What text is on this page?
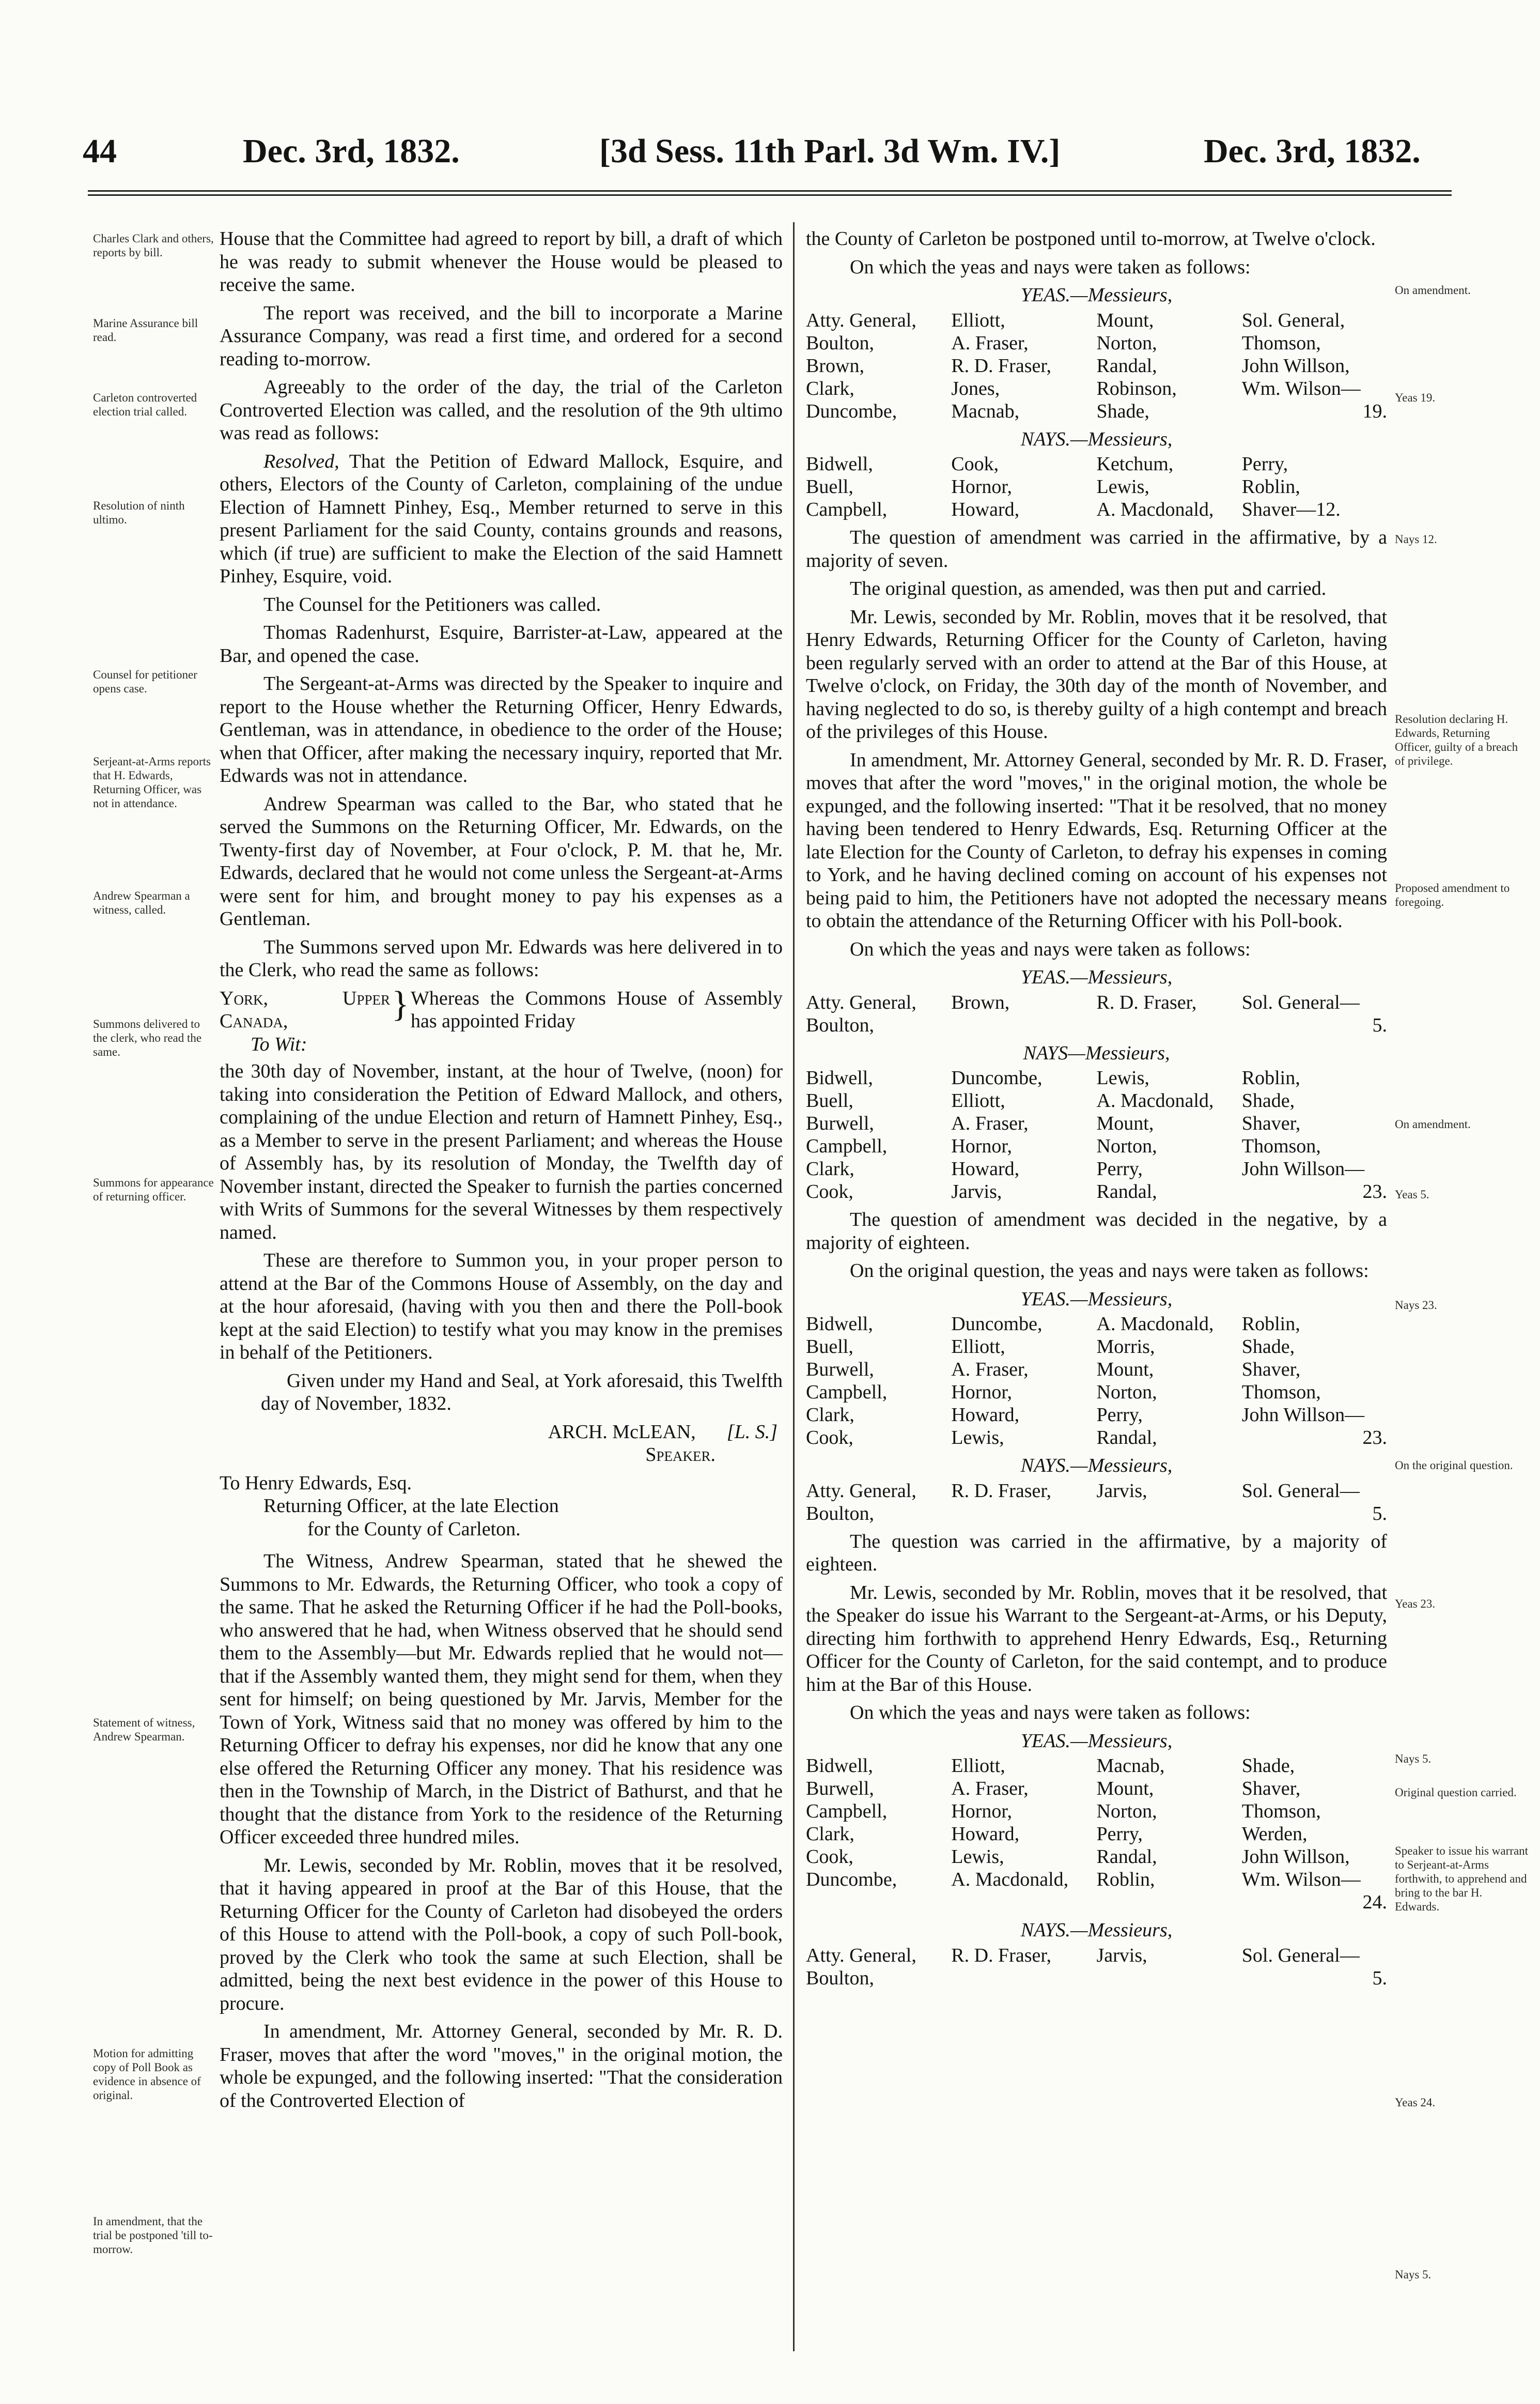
44	Dec. 3rd, 1832.	[3d Sess. 11th Parl. 3d Wm. IV.]	Dec. 3rd, 1832.
Charles Clark and others, reports by bill.
Marine Assurance bill read.
Carleton controverted election trial called.
Resolution of ninth ultimo.
Counsel for petitioner opens case.
Serjeant-at-Arms reports that H. Edwards, Returning Officer, was not in attendance.
Andrew Spearman a witness, called.
Summons delivered to the clerk, who read the same.
Summons for appearance of returning officer.
Statement of witness, Andrew Spearman.
Motion for admitting copy of Poll Book as evidence in absence of original.
In amendment, that the trial be postponed 'till to-morrow.
On amendment.
Yeas 19.
Nays 12.
Resolution declaring H. Edwards, Returning Officer, guilty of a breach of privilege.
Proposed amendment to foregoing.
On amendment.
Yeas 5.
Nays 23.
On the original question.
Yeas 23.
Nays 5.
Original question carried.
Speaker to issue his warrant to Serjeant-at-Arms forthwith, to apprehend and bring to the bar H. Edwards.
Yeas 24.
Nays 5.

House that the Committee had agreed to report by bill, a draft of which he was ready to submit whenever the House would be pleased to receive the same.

The report was received, and the bill to incorporate a Marine Assurance Company, was read a first time, and ordered for a second reading to-morrow.

Agreeably to the order of the day, the trial of the Carleton Controverted Election was called, and the resolution of the 9th ultimo was read as follows:

Resolved, That the Petition of Edward Mallock, Esquire, and others, Electors of the County of Carleton, complaining of the undue Election of Hamnett Pinhey, Esq., Member returned to serve in this present Parliament for the said County, contains grounds and reasons, which (if true) are sufficient to make the Election of the said Hamnett Pinhey, Esquire, void.

The Counsel for the Petitioners was called.

Thomas Radenhurst, Esquire, Barrister-at-Law, appeared at the Bar, and opened the case.

The Sergeant-at-Arms was directed by the Speaker to inquire and report to the House whether the Returning Officer, Henry Edwards, Gentleman, was in attendance, in obedience to the order of the House; when that Officer, after making the necessary inquiry, reported that Mr. Edwards was not in attendance.

Andrew Spearman was called to the Bar, who stated that he served the Summons on the Returning Officer, Mr. Edwards, on the Twenty-first day of November, at Four o'clock, P. M. that he, Mr. Edwards, declared that he would not come unless the Sergeant-at-Arms were sent for him, and brought money to pay his expenses as a Gentleman.

The Summons served upon Mr. Edwards was here delivered in to the Clerk, who read the same as follows:

York, Upper Canada,
To Wit:
} Whereas the Commons House of Assembly has appointed Friday

the 30th day of November, instant, at the hour of Twelve, (noon) for taking into consideration the Petition of Edward Mallock, and others, complaining of the undue Election and return of Hamnett Pinhey, Esq., as a Member to serve in the present Parliament; and whereas the House of Assembly has, by its resolution of Monday, the Twelfth day of November instant, directed the Speaker to furnish the parties concerned with Writs of Summons for the several Witnesses by them respectively named.

These are therefore to Summon you, in your proper person to attend at the Bar of the Commons House of Assembly, on the day and at the hour aforesaid, (having with you then and there the Poll-book kept at the said Election) to testify what you may know in the premises in behalf of the Petitioners.

Given under my Hand and Seal, at York aforesaid, this Twelfth day of November, 1832.

ARCH. McLEAN, [L. S.]
Speaker.
To Henry Edwards, Esq.
Returning Officer, at the late Election
for the County of Carleton.

The Witness, Andrew Spearman, stated that he shewed the Summons to Mr. Edwards, the Returning Officer, who took a copy of the same. That he asked the Returning Officer if he had the Poll-books, who answered that he had, when Witness observed that he should send them to the Assembly—but Mr. Edwards replied that he would not—that if the Assembly wanted them, they might send for them, when they sent for himself; on being questioned by Mr. Jarvis, Member for the Town of York, Witness said that no money was offered by him to the Returning Officer to defray his expenses, nor did he know that any one else offered the Returning Officer any money. That his residence was then in the Township of March, in the District of Bathurst, and that he thought that the distance from York to the residence of the Returning Officer exceeded three hundred miles.

Mr. Lewis, seconded by Mr. Roblin, moves that it be resolved, that it having appeared in proof at the Bar of this House, that the Returning Officer for the County of Carleton had disobeyed the orders of this House to attend with the Poll-book, a copy of such Poll-book, proved by the Clerk who took the same at such Election, shall be admitted, being the next best evidence in the power of this House to procure.

In amendment, Mr. Attorney General, seconded by Mr. R. D. Fraser, moves that after the word "moves," in the original motion, the whole be expunged, and the following inserted: "That the consideration of the Controverted Election of

the County of Carleton be postponed until to-morrow, at Twelve o'clock.

On which the yeas and nays were taken as follows:

YEAS.—Messieurs,
Atty. General,	Elliott,	Mount,	Sol. General,
Boulton,	A. Fraser,	Norton,	Thomson,
Brown,	R. D. Fraser,	Randal,	John Willson,
Clark,	Jones,	Robinson,	Wm. Wilson—
Duncombe,	Macnab,	Shade,	19.
NAYS.—Messieurs,
Bidwell,	Cook,	Ketchum,	Perry,
Buell,	Hornor,	Lewis,	Roblin,
Campbell,	Howard,	A. Macdonald,	Shaver—12.

The question of amendment was carried in the affirmative, by a majority of seven.

The original question, as amended, was then put and carried.

Mr. Lewis, seconded by Mr. Roblin, moves that it be resolved, that Henry Edwards, Returning Officer for the County of Carleton, having been regularly served with an order to attend at the Bar of this House, at Twelve o'clock, on Friday, the 30th day of the month of November, and having neglected to do so, is thereby guilty of a high contempt and breach of the privileges of this House.

In amendment, Mr. Attorney General, seconded by Mr. R. D. Fraser, moves that after the word "moves," in the original motion, the whole be expunged, and the following inserted: "That it be resolved, that no money having been tendered to Henry Edwards, Esq. Returning Officer at the late Election for the County of Carleton, to defray his expenses in coming to York, and he having declined coming on account of his expenses not being paid to him, the Petitioners have not adopted the necessary means to obtain the attendance of the Returning Officer with his Poll-book.

On which the yeas and nays were taken as follows:

YEAS.—Messieurs,
Atty. General,	Brown,	R. D. Fraser,	Sol. General—
Boulton,			5.
NAYS—Messieurs,
Bidwell,	Duncombe,	Lewis,	Roblin,
Buell,	Elliott,	A. Macdonald,	Shade,
Burwell,	A. Fraser,	Mount,	Shaver,
Campbell,	Hornor,	Norton,	Thomson,
Clark,	Howard,	Perry,	John Willson—
Cook,	Jarvis,	Randal,	23.

The question of amendment was decided in the negative, by a majority of eighteen.

On the original question, the yeas and nays were taken as follows:

YEAS.—Messieurs,
Bidwell,	Duncombe,	A. Macdonald,	Roblin,
Buell,	Elliott,	Morris,	Shade,
Burwell,	A. Fraser,	Mount,	Shaver,
Campbell,	Hornor,	Norton,	Thomson,
Clark,	Howard,	Perry,	John Willson—
Cook,	Lewis,	Randal,	23.
NAYS.—Messieurs,
Atty. General,	R. D. Fraser,	Jarvis,	Sol. General—
Boulton,			5.

The question was carried in the affirmative, by a majority of eighteen.

Mr. Lewis, seconded by Mr. Roblin, moves that it be resolved, that the Speaker do issue his Warrant to the Sergeant-at-Arms, or his Deputy, directing him forthwith to apprehend Henry Edwards, Esq., Returning Officer for the County of Carleton, for the said contempt, and to produce him at the Bar of this House.

On which the yeas and nays were taken as follows:

YEAS.—Messieurs,
Bidwell,	Elliott,	Macnab,	Shade,
Burwell,	A. Fraser,	Mount,	Shaver,
Campbell,	Hornor,	Norton,	Thomson,
Clark,	Howard,	Perry,	Werden,
Cook,	Lewis,	Randal,	John Willson,
Duncombe,	A. Macdonald,	Roblin,	Wm. Wilson—
			24.
NAYS.—Messieurs,
Atty. General,	R. D. Fraser,	Jarvis,	Sol. General—
Boulton,			5.
